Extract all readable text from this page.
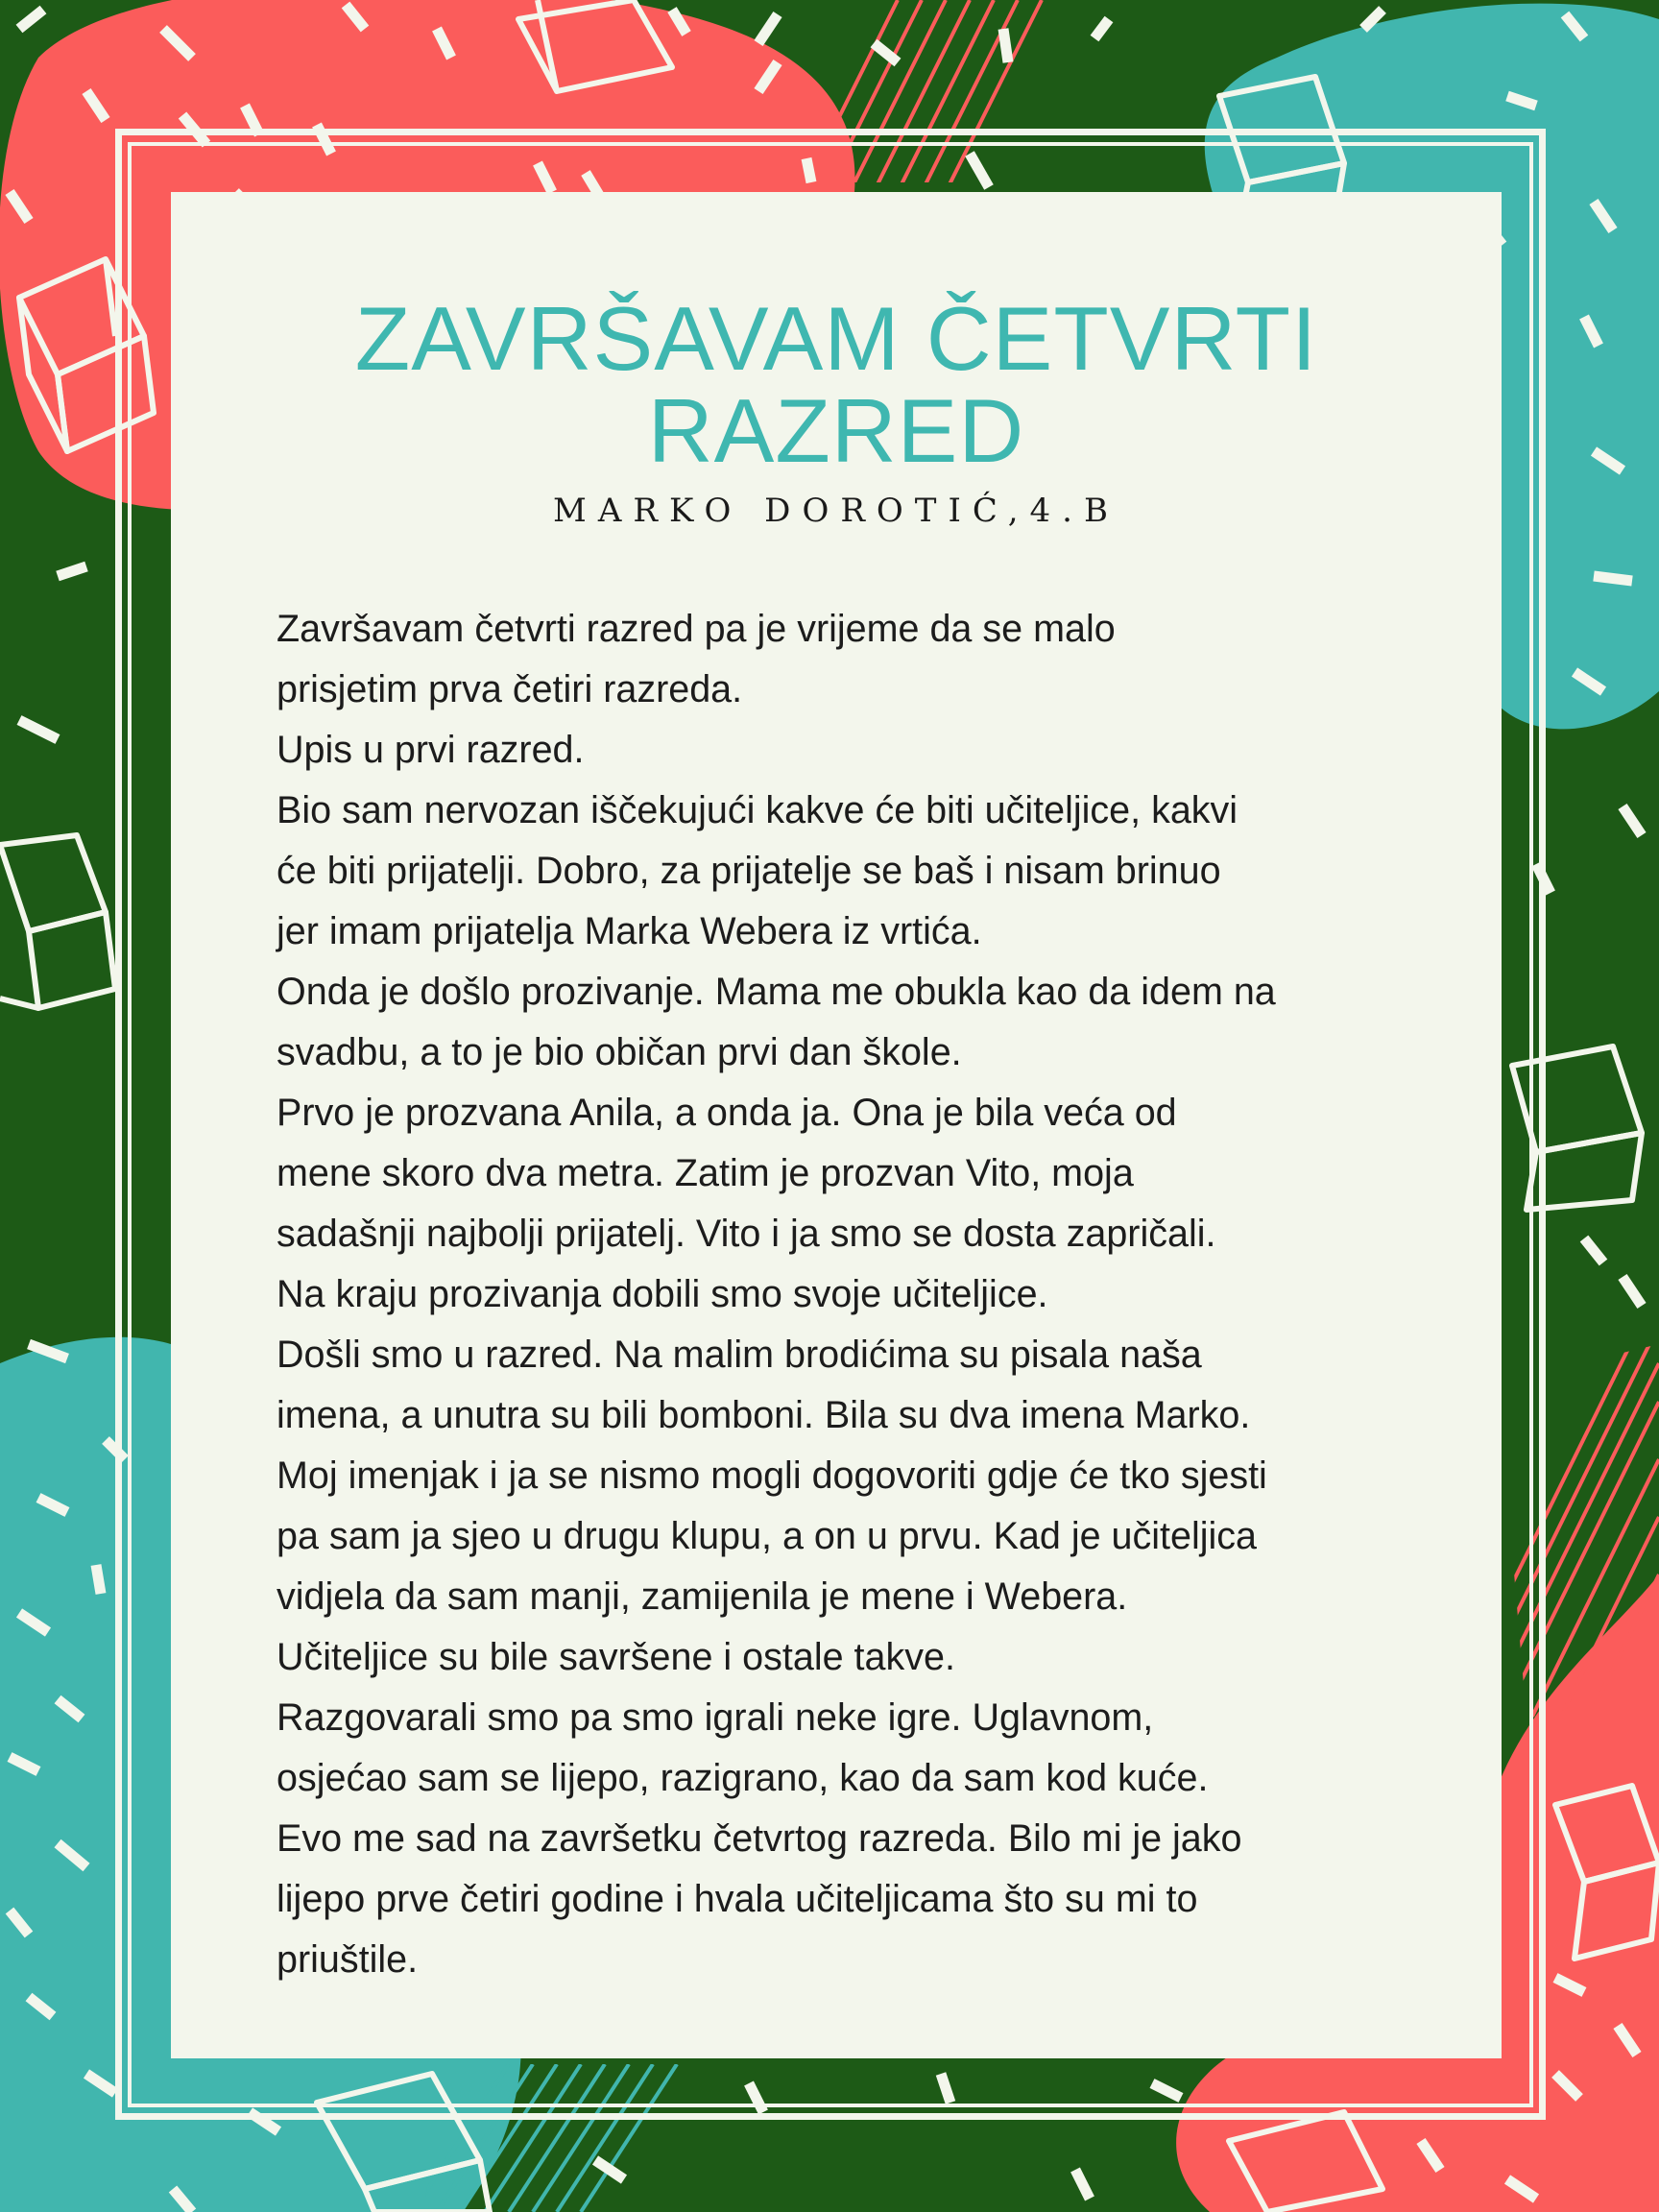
ZAVRŠAVAM ČETVRTI
RAZRED
MARKO DOROTIĆ,4.B

Završavam četvrti razred pa je vrijeme da se malo

prisjetim prva četiri razreda.

Upis u prvi razred.

Bio sam nervozan iščekujući kakve će biti učiteljice, kakvi

će biti prijatelji. Dobro, za prijatelje se baš i nisam brinuo

jer imam prijatelja Marka Webera iz vrtića.

Onda je došlo prozivanje. Mama me obukla kao da idem na

svadbu, a to je bio običan prvi dan škole.

Prvo je prozvana Anila, a onda ja. Ona je bila veća od

mene skoro dva metra. Zatim je prozvan Vito, moja

sadašnji najbolji prijatelj. Vito i ja smo se dosta zapričali.

Na kraju prozivanja dobili smo svoje učiteljice.

Došli smo u razred. Na malim brodićima su pisala naša

imena, a unutra su bili bomboni. Bila su dva imena Marko.

Moj imenjak i ja se nismo mogli dogovoriti gdje će tko sjesti

pa sam ja sjeo u drugu klupu, a on u prvu. Kad je učiteljica

vidjela da sam manji, zamijenila je mene i Webera.

Učiteljice su bile savršene i ostale takve.

Razgovarali smo pa smo igrali neke igre. Uglavnom,

osjećao sam se lijepo, razigrano, kao da sam kod kuće.

Evo me sad na završetku četvrtog razreda. Bilo mi je jako

lijepo prve četiri godine i hvala učiteljicama što su mi to

priuštile.
